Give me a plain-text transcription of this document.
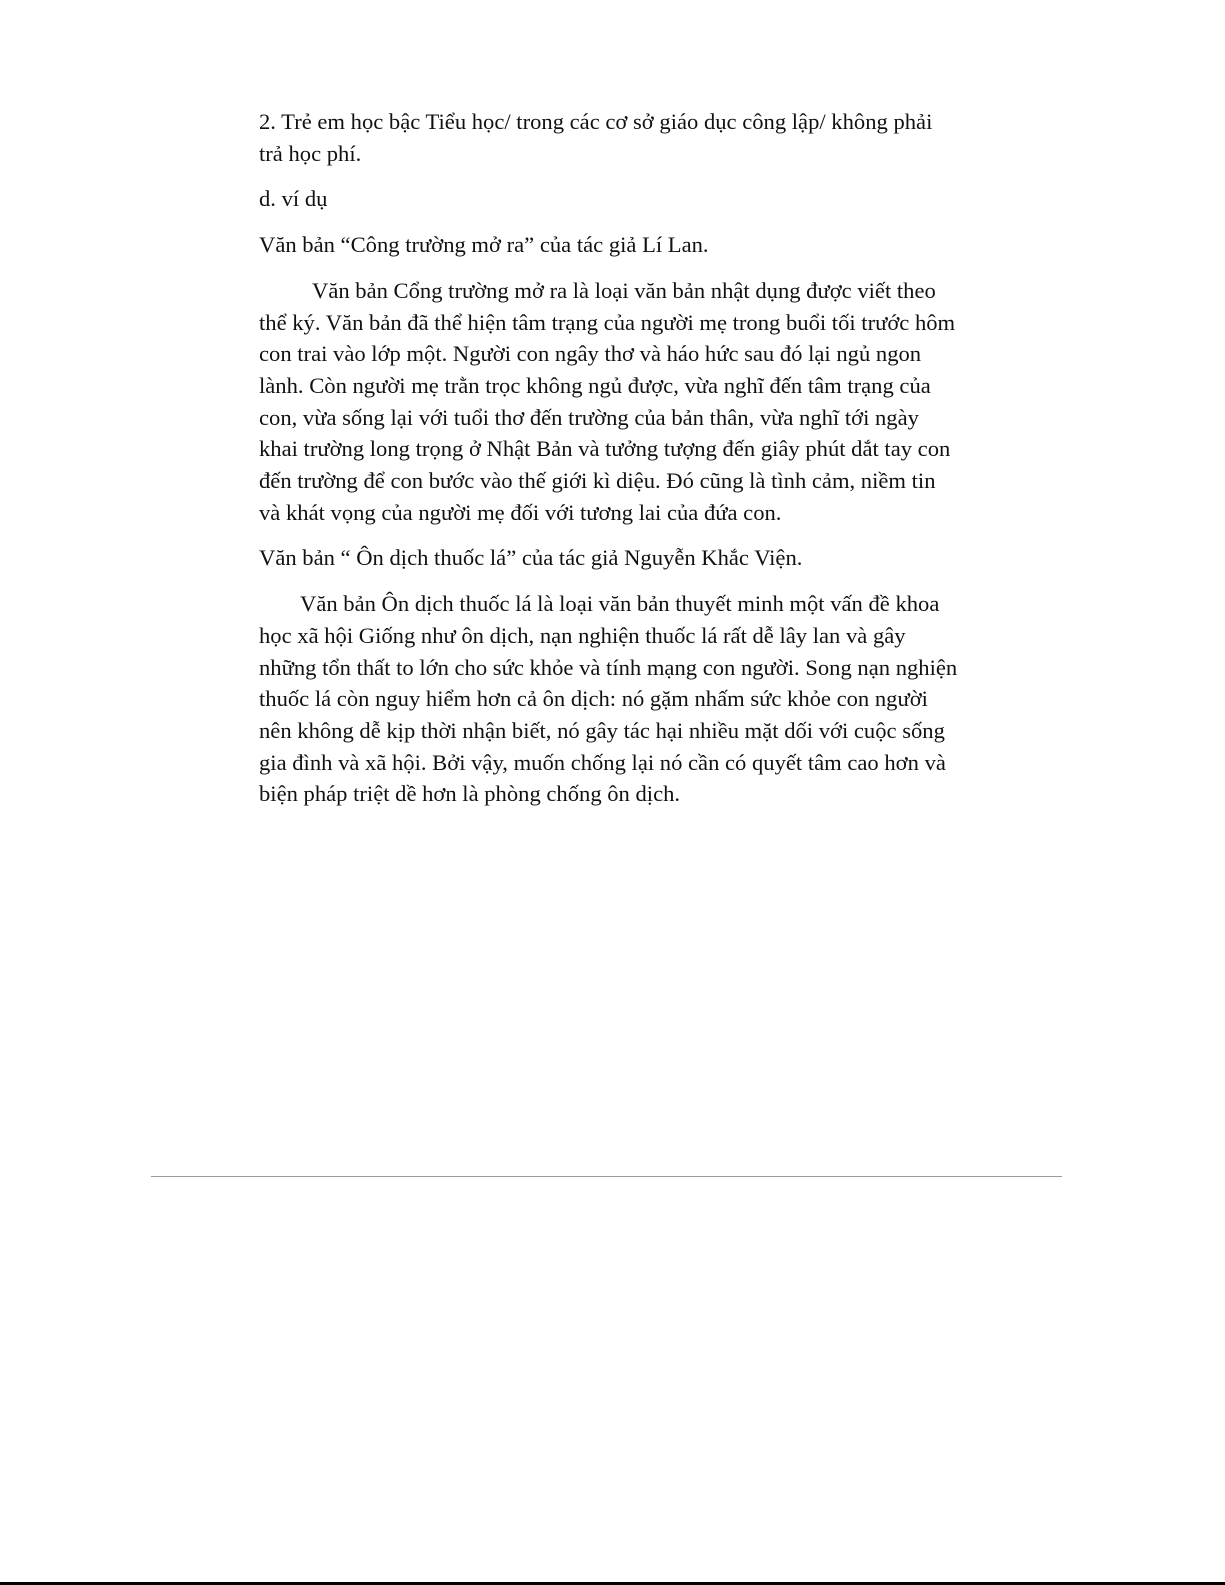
2. Trẻ em học bậc Tiểu học/ trong các cơ sở giáo dục công lập/ không phải trả học phí.

d. ví dụ

Văn bản “Công trường mở ra” của tác giả Lí Lan.

Văn bản Cổng trường mở ra là loại văn bản nhật dụng được viết theo thể ký. Văn bản đã thể hiện tâm trạng của người mẹ trong buổi tối trước hôm con trai vào lớp một. Người con ngây thơ và háo hức sau đó lại ngủ ngon lành. Còn người mẹ trằn trọc không ngủ được, vừa nghĩ đến tâm trạng của con, vừa sống lại với tuổi thơ đến trường của bản thân, vừa nghĩ tới ngày khai trường long trọng ở Nhật Bản và tưởng tượng đến giây phút dắt tay con đến trường để con bước vào thế giới kì diệu. Đó cũng là tình cảm, niềm tin và khát vọng của người mẹ đối với tương lai của đứa con.

Văn bản “ Ôn dịch thuốc lá” của tác giả Nguyễn Khắc Viện.

Văn bản Ôn dịch thuốc lá là loại văn bản thuyết minh một vấn đề khoa học xã hội Giống như ôn dịch, nạn nghiện thuốc lá rất dễ lây lan và gây những tổn thất to lớn cho sức khỏe và tính mạng con người. Song nạn nghiện thuốc lá còn nguy hiểm hơn cả ôn dịch: nó gặm nhấm sức khỏe con người nên không dễ kịp thời nhận biết, nó gây tác hại nhiều mặt dối với cuộc sống gia đình và xã hội. Bởi vậy, muốn chống lại nó cần có quyết tâm cao hơn và biện pháp triệt dề hơn là phòng chống ôn dịch.
